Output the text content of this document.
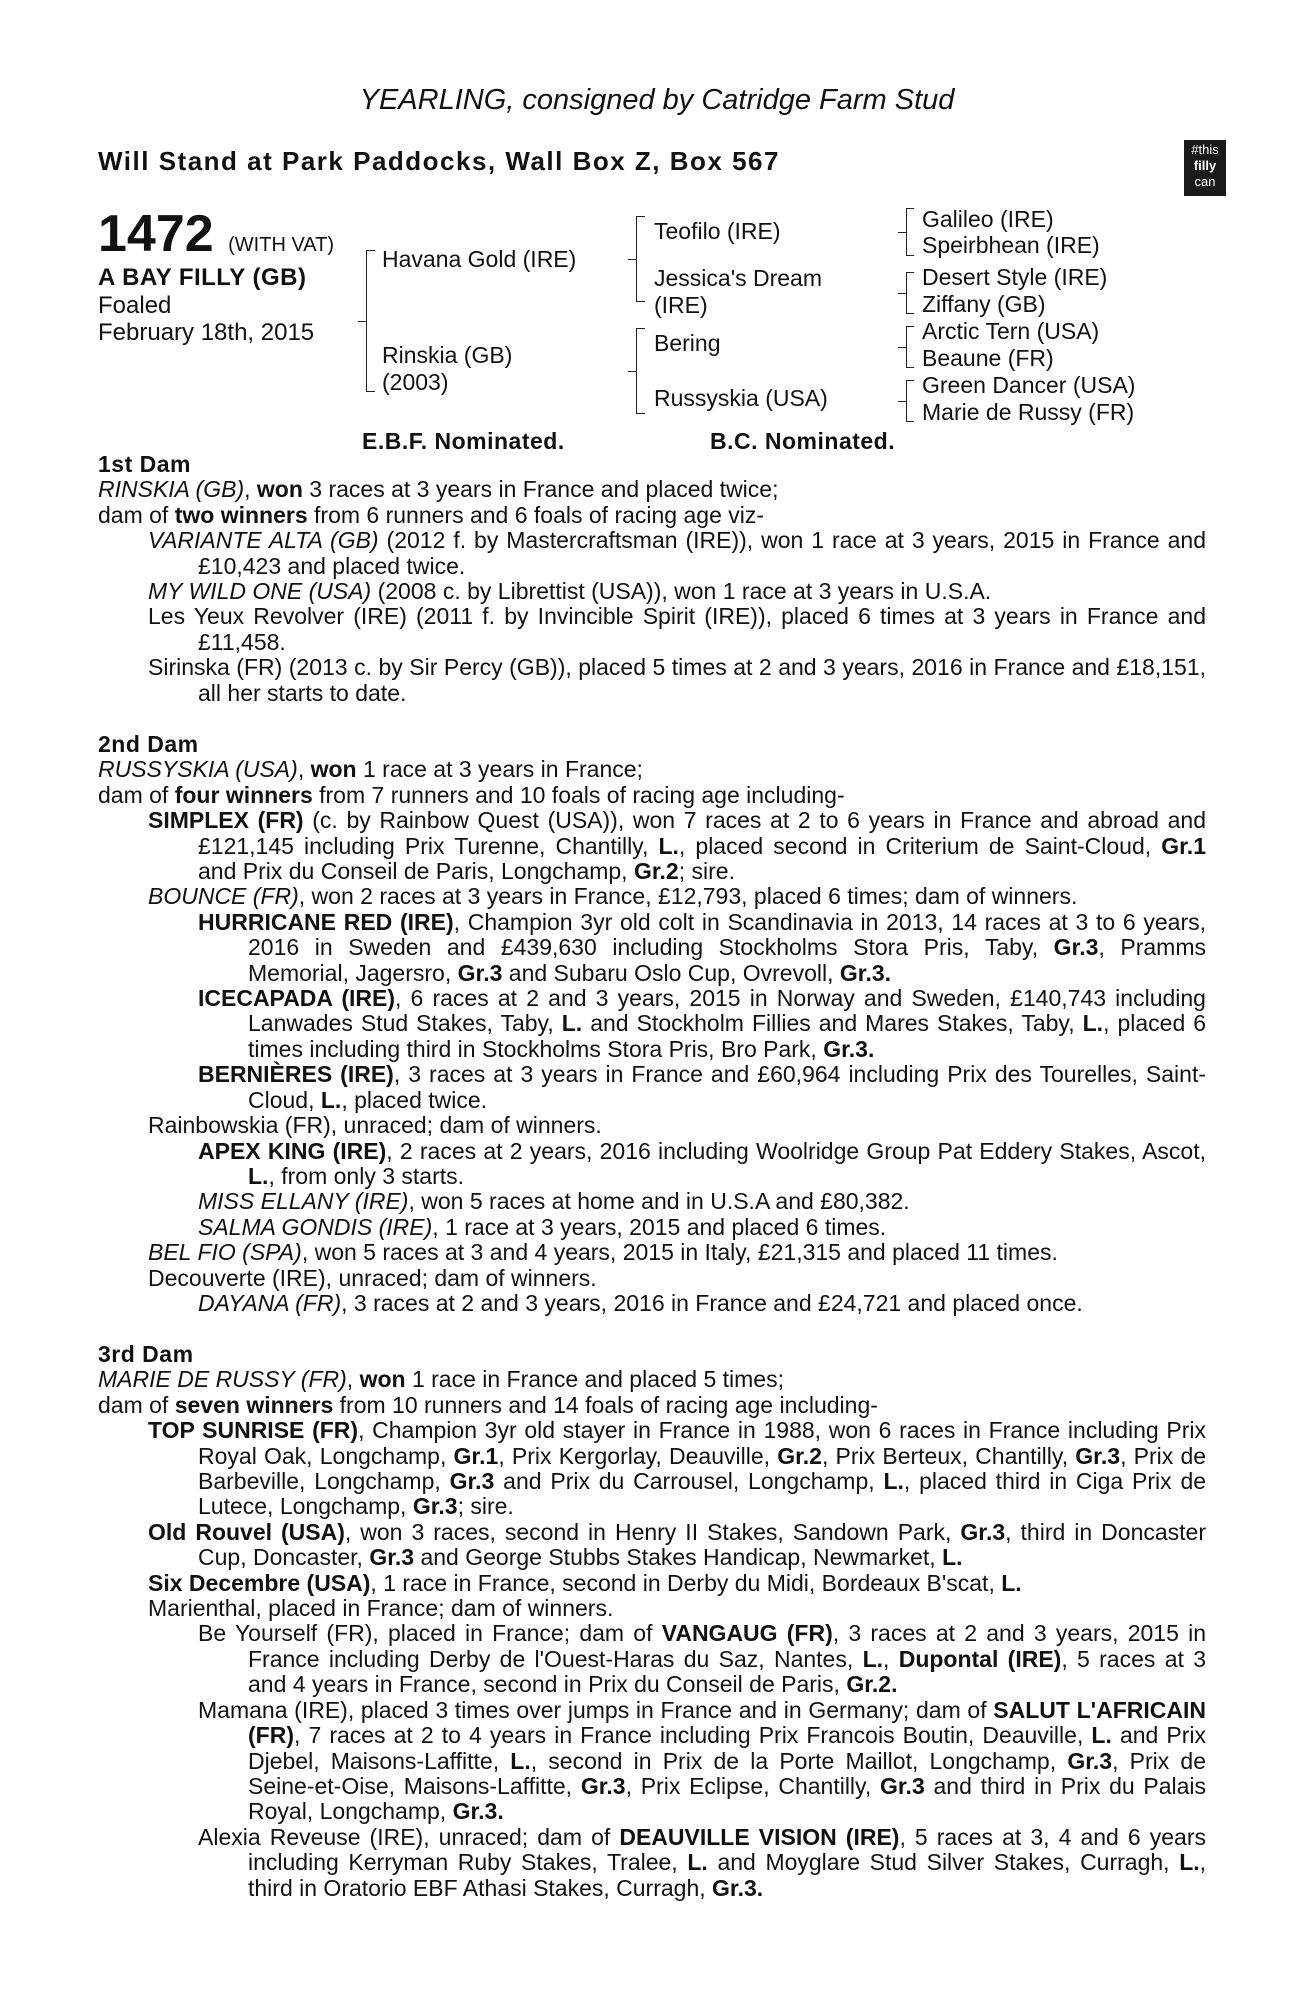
YEARLING, consigned by Catridge Farm Stud
Will Stand at Park Paddocks, Wall Box Z, Box 567	#this
filly
can
1472 (WITH VAT)
A BAY FILLY (GB)
Foaled
February 18th, 2015
Havana Gold (IRE)
Rinskia (GB)
(2003)
Teofilo (IRE)
Jessica's Dream
(IRE)
Bering
Russyskia (USA)
Galileo (IRE)
Speirbhean (IRE)
Desert Style (IRE)
Ziffany (GB)
Arctic Tern (USA)
Beaune (FR)
Green Dancer (USA)
Marie de Russy (FR)
E.B.F. Nominated.	B.C. Nominated.

1st Dam

RINSKIA (GB), won 3 races at 3 years in France and placed twice;

dam of two winners from 6 runners and 6 foals of racing age viz-

VARIANTE ALTA (GB) (2012 f. by Mastercraftsman (IRE)), won 1 race at 3 years, 2015 in France and £10,423 and placed twice.

MY WILD ONE (USA) (2008 c. by Librettist (USA)), won 1 race at 3 years in U.S.A.

Les Yeux Revolver (IRE) (2011 f. by Invincible Spirit (IRE)), placed 6 times at 3 years in France and £11,458.

Sirinska (FR) (2013 c. by Sir Percy (GB)), placed 5 times at 2 and 3 years, 2016 in France and £18,151, all her starts to date.

2nd Dam

RUSSYSKIA (USA), won 1 race at 3 years in France;

dam of four winners from 7 runners and 10 foals of racing age including-

SIMPLEX (FR) (c. by Rainbow Quest (USA)), won 7 races at 2 to 6 years in France and abroad and £121,145 including Prix Turenne, Chantilly, L., placed second in Criterium de Saint-Cloud, Gr.1 and Prix du Conseil de Paris, Longchamp, Gr.2; sire.

BOUNCE (FR), won 2 races at 3 years in France, £12,793, placed 6 times; dam of winners.

HURRICANE RED (IRE), Champion 3yr old colt in Scandinavia in 2013, 14 races at 3 to 6 years, 2016 in Sweden and £439,630 including Stockholms Stora Pris, Taby, Gr.3, Pramms Memorial, Jagersro, Gr.3 and Subaru Oslo Cup, Ovrevoll, Gr.3.

ICECAPADA (IRE), 6 races at 2 and 3 years, 2015 in Norway and Sweden, £140,743 including Lanwades Stud Stakes, Taby, L. and Stockholm Fillies and Mares Stakes, Taby, L., placed 6 times including third in Stockholms Stora Pris, Bro Park, Gr.3.

BERNIÈRES (IRE), 3 races at 3 years in France and £60,964 including Prix des Tourelles, Saint-Cloud, L., placed twice.

Rainbowskia (FR), unraced; dam of winners.

APEX KING (IRE), 2 races at 2 years, 2016 including Woolridge Group Pat Eddery Stakes, Ascot, L., from only 3 starts.

MISS ELLANY (IRE), won 5 races at home and in U.S.A and £80,382.

SALMA GONDIS (IRE), 1 race at 3 years, 2015 and placed 6 times.

BEL FIO (SPA), won 5 races at 3 and 4 years, 2015 in Italy, £21,315 and placed 11 times.

Decouverte (IRE), unraced; dam of winners.

DAYANA (FR), 3 races at 2 and 3 years, 2016 in France and £24,721 and placed once.

3rd Dam

MARIE DE RUSSY (FR), won 1 race in France and placed 5 times;

dam of seven winners from 10 runners and 14 foals of racing age including-

TOP SUNRISE (FR), Champion 3yr old stayer in France in 1988, won 6 races in France including Prix Royal Oak, Longchamp, Gr.1, Prix Kergorlay, Deauville, Gr.2, Prix Berteux, Chantilly, Gr.3, Prix de Barbeville, Longchamp, Gr.3 and Prix du Carrousel, Longchamp, L., placed third in Ciga Prix de Lutece, Longchamp, Gr.3; sire.

Old Rouvel (USA), won 3 races, second in Henry II Stakes, Sandown Park, Gr.3, third in Doncaster Cup, Doncaster, Gr.3 and George Stubbs Stakes Handicap, Newmarket, L.

Six Decembre (USA), 1 race in France, second in Derby du Midi, Bordeaux B'scat, L.

Marienthal, placed in France; dam of winners.

Be Yourself (FR), placed in France; dam of VANGAUG (FR), 3 races at 2 and 3 years, 2015 in France including Derby de l'Ouest-Haras du Saz, Nantes, L., Dupontal (IRE), 5 races at 3 and 4 years in France, second in Prix du Conseil de Paris, Gr.2.

Mamana (IRE), placed 3 times over jumps in France and in Germany; dam of SALUT L'AFRICAIN (FR), 7 races at 2 to 4 years in France including Prix Francois Boutin, Deauville, L. and Prix Djebel, Maisons-Laffitte, L., second in Prix de la Porte Maillot, Longchamp, Gr.3, Prix de Seine-et-Oise, Maisons-Laffitte, Gr.3, Prix Eclipse, Chantilly, Gr.3 and third in Prix du Palais Royal, Longchamp, Gr.3.

Alexia Reveuse (IRE), unraced; dam of DEAUVILLE VISION (IRE), 5 races at 3, 4 and 6 years including Kerryman Ruby Stakes, Tralee, L. and Moyglare Stud Silver Stakes, Curragh, L., third in Oratorio EBF Athasi Stakes, Curragh, Gr.3.
